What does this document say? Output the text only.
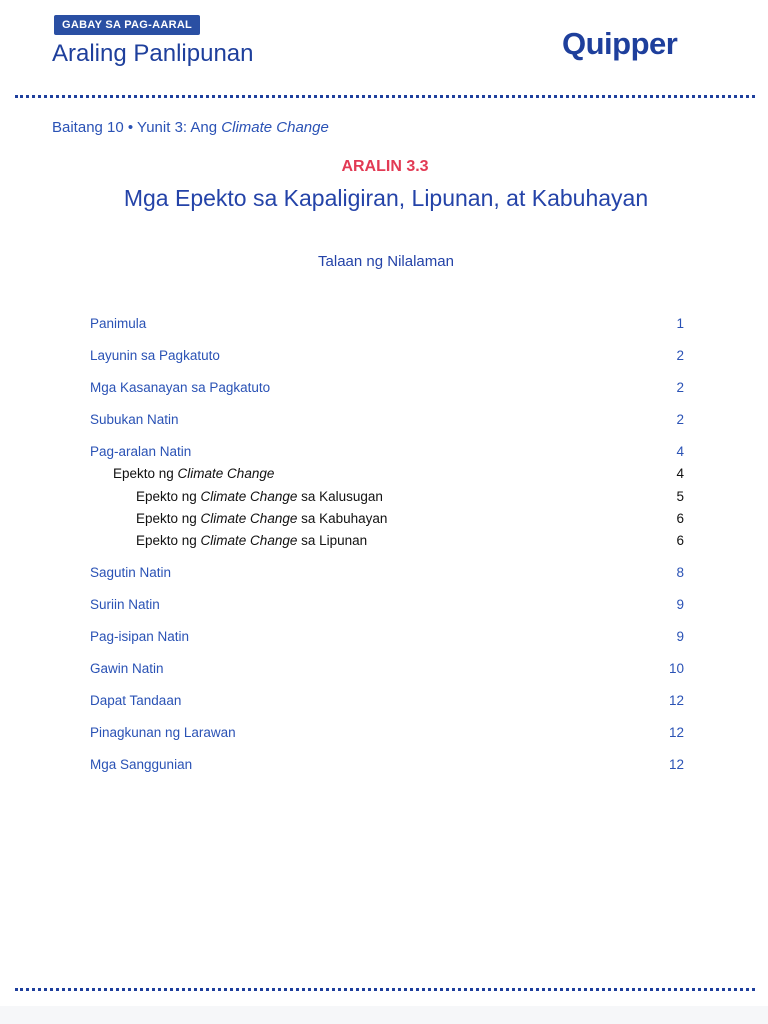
GABAY SA PAG-AARAL
Araling Panlipunan	Quipper
Baitang 10 • Yunit 3: Ang Climate Change
ARALIN 3.3
Mga Epekto sa Kapaligiran, Lipunan, at Kabuhayan
Talaan ng Nilalaman
Panimula	1
Layunin sa Pagkatuto	2
Mga Kasanayan sa Pagkatuto	2
Subukan Natin	2
Pag-aralan Natin	4
Epekto ng Climate Change	4
Epekto ng Climate Change sa Kalusugan	5
Epekto ng Climate Change sa Kabuhayan	6
Epekto ng Climate Change sa Lipunan	6
Sagutin Natin	8
Suriin Natin	9
Pag-isipan Natin	9
Gawin Natin	10
Dapat Tandaan	12
Pinagkunan ng Larawan	12
Mga Sanggunian	12
